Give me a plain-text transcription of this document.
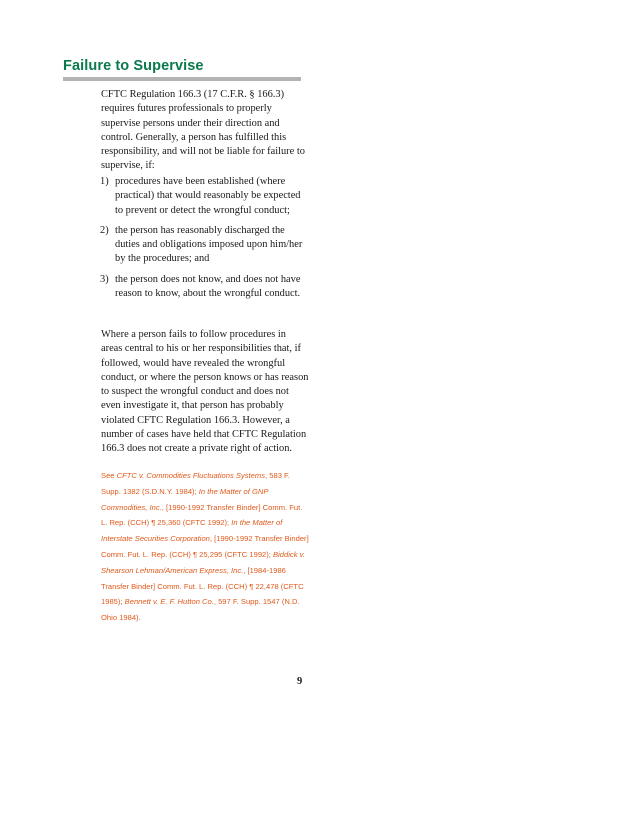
Failure to Supervise

CFTC Regulation 166.3 (17 C.F.R. § 166.3) requires futures professionals to properly supervise persons under their direction and control. Generally, a person has fulfilled this responsibility, and will not be liable for failure to supervise, if:

1) procedures have been established (where practical) that would reasonably be expected to prevent or detect the wrongful conduct;
2) the person has reasonably discharged the duties and obligations imposed upon him/her by the procedures; and
3) the person does not know, and does not have reason to know, about the wrongful conduct.

Where a person fails to follow procedures in areas central to his or her responsibilities that, if followed, would have revealed the wrongful conduct, or where the person knows or has reason to suspect the wrongful conduct and does not even investigate it, that person has probably violated CFTC Regulation 166.3. However, a number of cases have held that CFTC Regulation 166.3 does not create a private right of action.

See CFTC v. Commodities Fluctuations Systems, 583 F. Supp. 1382 (S.D.N.Y. 1984); In the Matter of GNP Commodities, Inc., [1990-1992 Transfer Binder] Comm. Fut. L. Rep. (CCH) ¶ 25,360 (CFTC 1992); In the Matter of Interstate Securities Corporation, [1990-1992 Transfer Binder] Comm. Fut. L. Rep. (CCH) ¶ 25,295 (CFTC 1992); Biddick v. Shearson Lehman/American Express, Inc., [1984-1986 Transfer Binder] Comm. Fut. L. Rep. (CCH) ¶ 22,478 (CFTC 1985); Bennett v. E. F. Hutton Co., 597 F. Supp. 1547 (N.D. Ohio 1984).

9
